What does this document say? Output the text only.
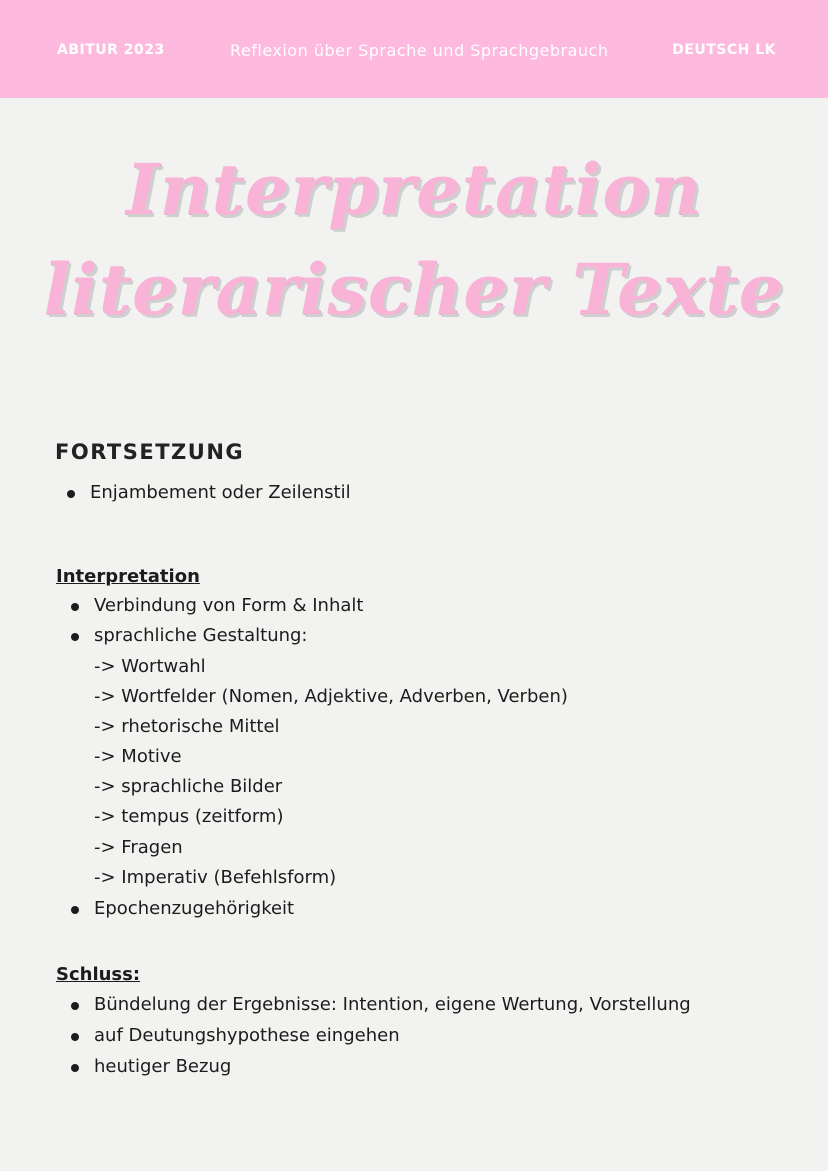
ABITUR 2023	Reflexion über Sprache und Sprachgebrauch	DEUTSCH LK
Interpretation
literarischer Texte
FORTSETZUNG
Enjambement oder Zeilenstil
Interpretation
Verbindung von Form & Inhalt
sprachliche Gestaltung:
-> Wortwahl
-> Wortfelder (Nomen, Adjektive, Adverben, Verben)
-> rhetorische Mittel
-> Motive
-> sprachliche Bilder
-> tempus (zeitform)
-> Fragen
-> Imperativ (Befehlsform)
Epochenzugehörigkeit
Schluss:
Bündelung der Ergebnisse: Intention, eigene Wertung, Vorstellung
auf Deutungshypothese eingehen
heutiger Bezug
